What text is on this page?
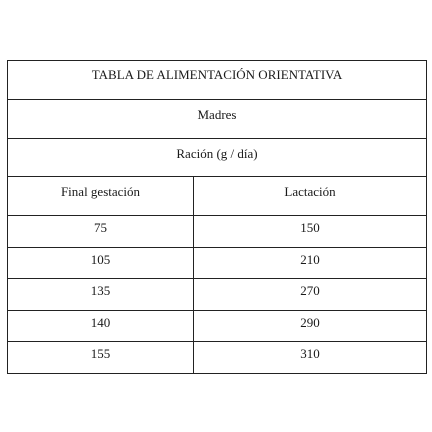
TABLA DE ALIMENTACIÓN ORIENTATIVA	
Madres	
Ración (g / día)	
Final gestación	Lactación
75	150
105	210
135	270
140	290
155	310
